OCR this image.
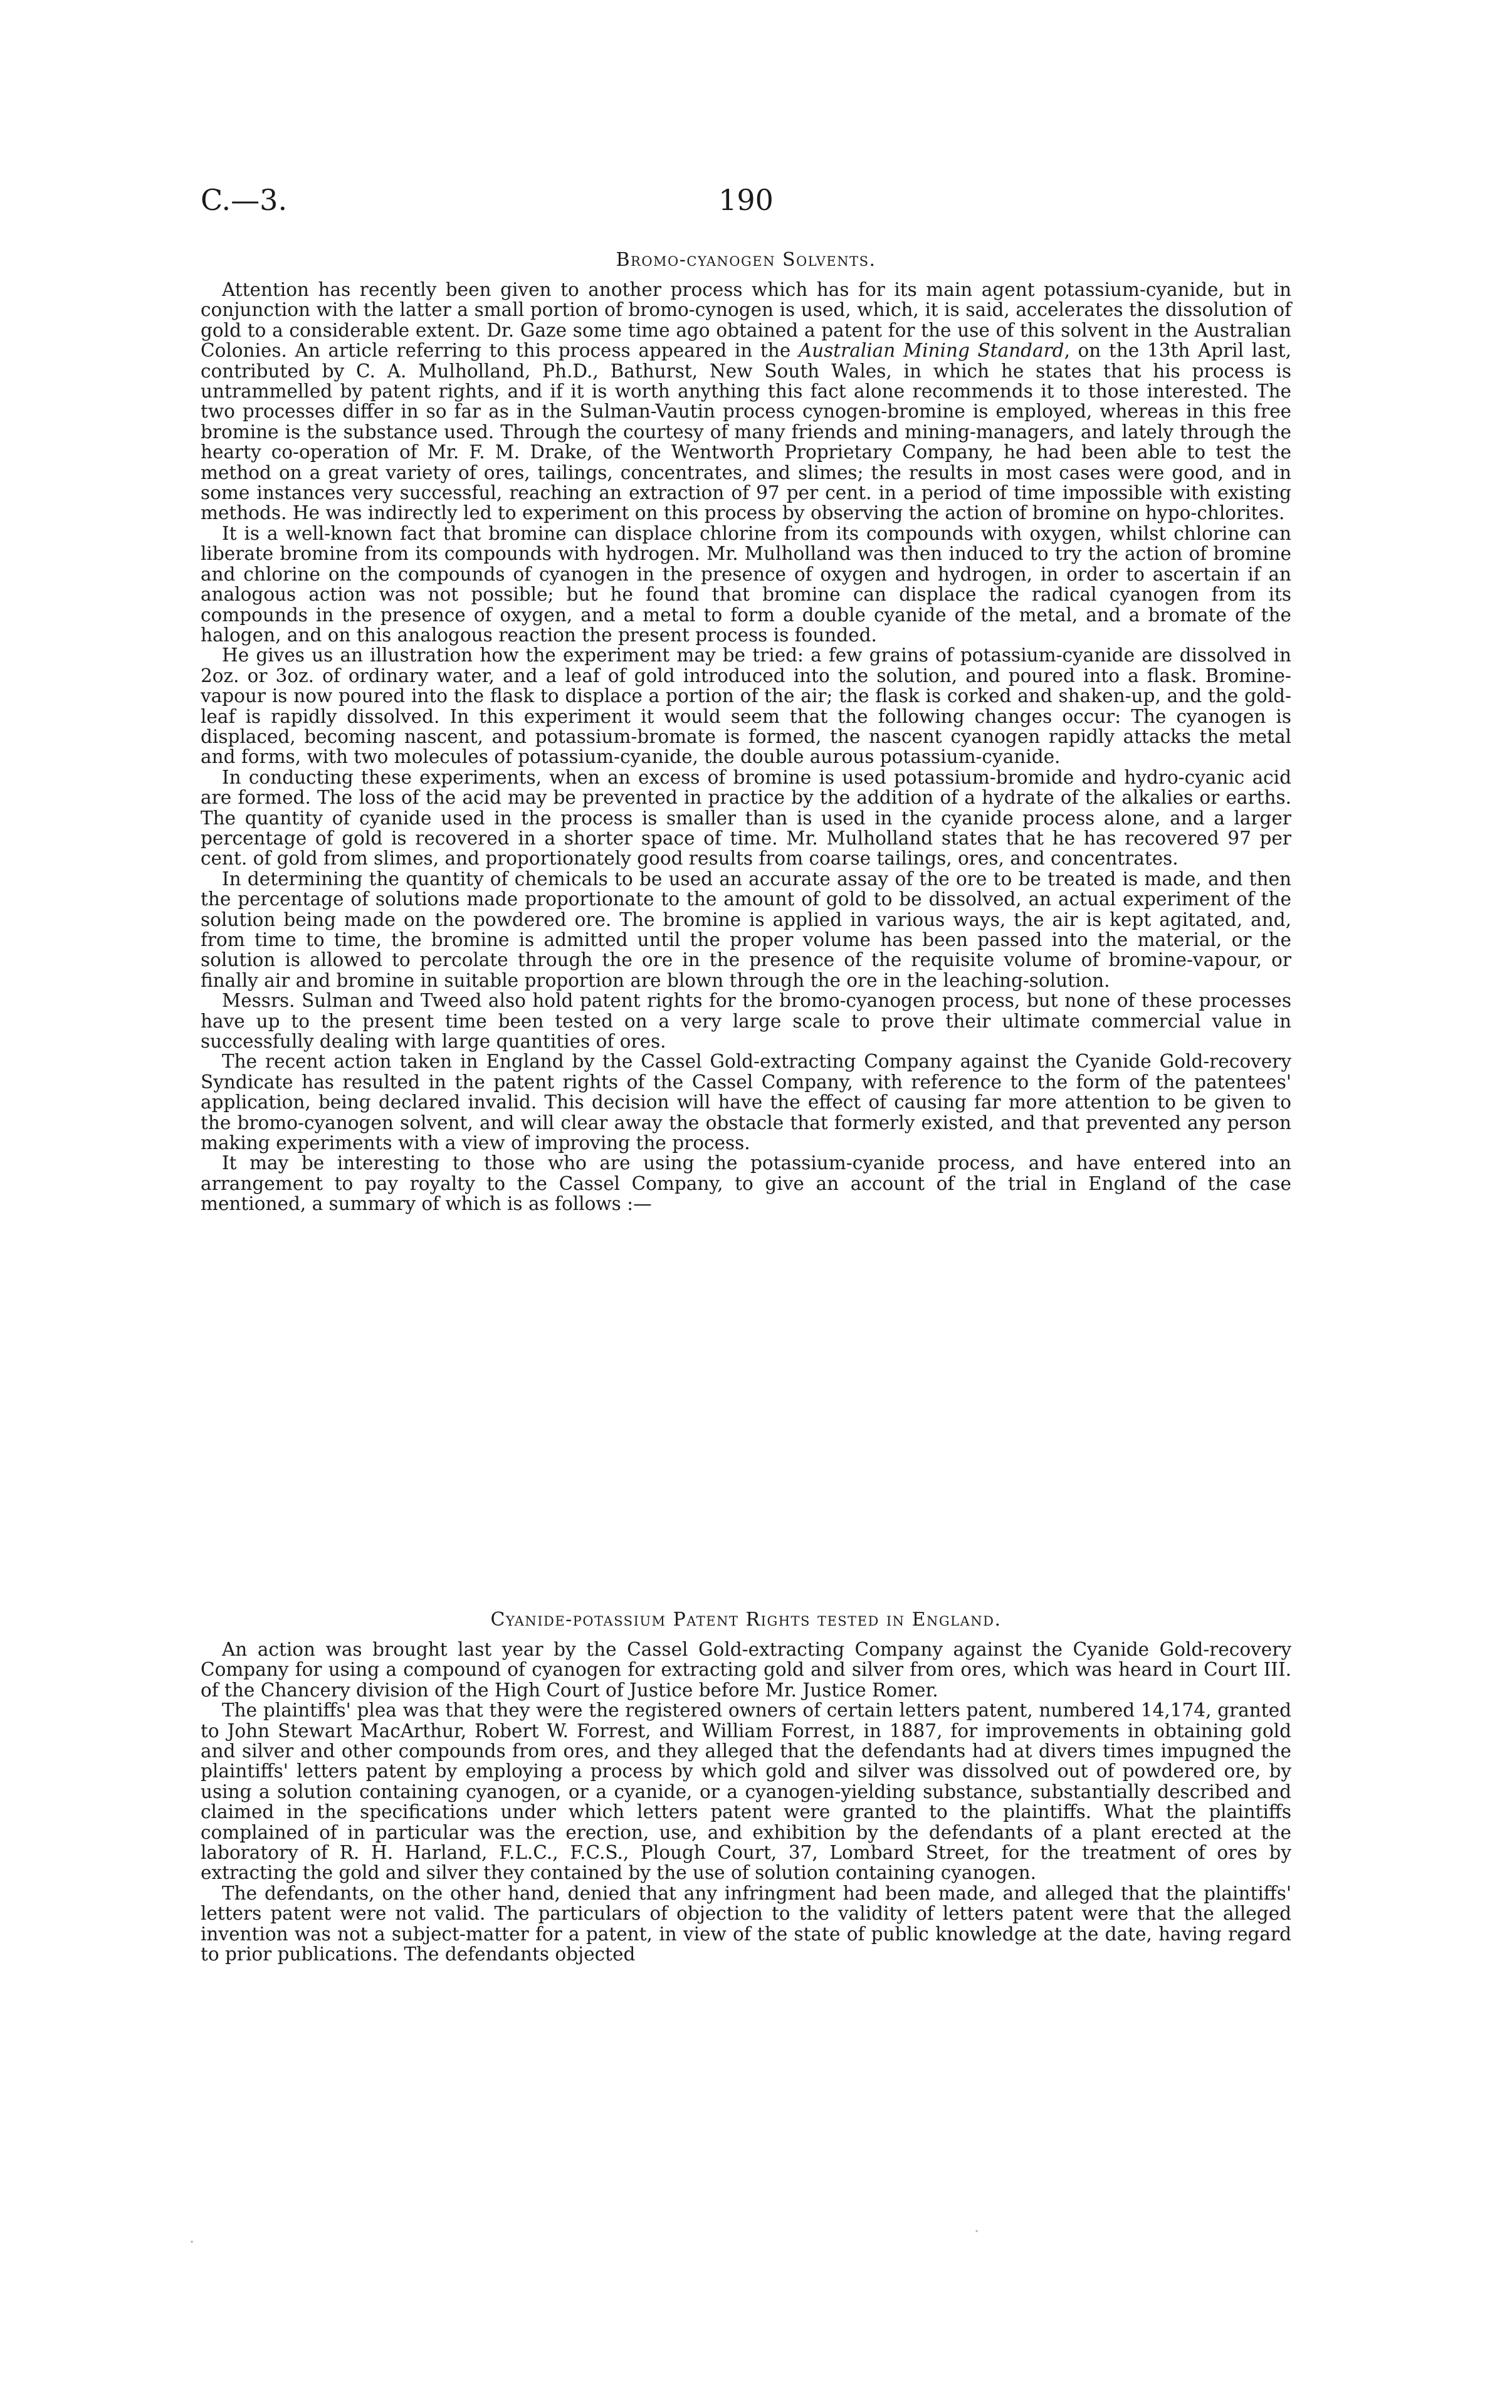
C.—3.	190
Bromo-cyanogen Solvents.

Attention has recently been given to another process which has for its main agent potassium-cyanide, but in conjunction with the latter a small portion of bromo-cynogen is used, which, it is said, accelerates the dissolution of gold to a considerable extent. Dr. Gaze some time ago obtained a patent for the use of this solvent in the Australian Colonies. An article referring to this process appeared in the Australian Mining Standard, on the 13th April last, contributed by C. A. Mulholland, Ph.D., Bathurst, New South Wales, in which he states that his process is untrammelled by patent rights, and if it is worth anything this fact alone recommends it to those interested. The two processes differ in so far as in the Sulman-Vautin process cynogen-bromine is employed, whereas in this free bromine is the substance used. Through the courtesy of many friends and mining-managers, and lately through the hearty co-operation of Mr. F. M. Drake, of the Wentworth Proprietary Company, he had been able to test the method on a great variety of ores, tailings, concentrates, and slimes; the results in most cases were good, and in some instances very successful, reaching an extraction of 97 per cent. in a period of time impossible with existing methods. He was indirectly led to experiment on this process by observing the action of bromine on hypo-chlorites.

It is a well-known fact that bromine can displace chlorine from its compounds with oxygen, whilst chlorine can liberate bromine from its compounds with hydrogen. Mr. Mulholland was then induced to try the action of bromine and chlorine on the compounds of cyanogen in the presence of oxygen and hydrogen, in order to ascertain if an analogous action was not possible; but he found that bromine can displace the radical cyanogen from its compounds in the presence of oxygen, and a metal to form a double cyanide of the metal, and a bromate of the halogen, and on this analogous reaction the present process is founded.

He gives us an illustration how the experiment may be tried: a few grains of potassium-cyanide are dissolved in 2oz. or 3oz. of ordinary water, and a leaf of gold introduced into the solution, and poured into a flask. Bromine-vapour is now poured into the flask to displace a portion of the air; the flask is corked and shaken-up, and the gold-leaf is rapidly dissolved. In this experiment it would seem that the following changes occur: The cyanogen is displaced, becoming nascent, and potassium-bromate is formed, the nascent cyanogen rapidly attacks the metal and forms, with two molecules of potassium-cyanide, the double aurous potassium-cyanide.

In conducting these experiments, when an excess of bromine is used potassium-bromide and hydro-cyanic acid are formed. The loss of the acid may be prevented in practice by the addition of a hydrate of the alkalies or earths. The quantity of cyanide used in the process is smaller than is used in the cyanide process alone, and a larger percentage of gold is recovered in a shorter space of time. Mr. Mulholland states that he has recovered 97 per cent. of gold from slimes, and proportionately good results from coarse tailings, ores, and concentrates.

In determining the quantity of chemicals to be used an accurate assay of the ore to be treated is made, and then the percentage of solutions made proportionate to the amount of gold to be dissolved, an actual experiment of the solution being made on the powdered ore. The bromine is applied in various ways, the air is kept agitated, and, from time to time, the bromine is admitted until the proper volume has been passed into the material, or the solution is allowed to percolate through the ore in the presence of the requisite volume of bromine-vapour, or finally air and bromine in suitable proportion are blown through the ore in the leaching-solution.

Messrs. Sulman and Tweed also hold patent rights for the bromo-cyanogen process, but none of these processes have up to the present time been tested on a very large scale to prove their ultimate commercial value in successfully dealing with large quantities of ores.

The recent action taken in England by the Cassel Gold-extracting Company against the Cyanide Gold-recovery Syndicate has resulted in the patent rights of the Cassel Company, with reference to the form of the patentees' application, being declared invalid. This decision will have the effect of causing far more attention to be given to the bromo-cyanogen solvent, and will clear away the obstacle that formerly existed, and that prevented any person making experiments with a view of improving the process.

It may be interesting to those who are using the potassium-cyanide process, and have entered into an arrangement to pay royalty to the Cassel Company, to give an account of the trial in England of the case mentioned, a summary of which is as follows :—

Cyanide-potassium Patent Rights tested in England.

An action was brought last year by the Cassel Gold-extracting Company against the Cyanide Gold-recovery Company for using a compound of cyanogen for extracting gold and silver from ores, which was heard in Court III. of the Chancery division of the High Court of Justice before Mr. Justice Romer.

The plaintiffs' plea was that they were the registered owners of certain letters patent, numbered 14,174, granted to John Stewart MacArthur, Robert W. Forrest, and William Forrest, in 1887, for improvements in obtaining gold and silver and other compounds from ores, and they alleged that the defendants had at divers times impugned the plaintiffs' letters patent by employing a process by which gold and silver was dissolved out of powdered ore, by using a solution containing cyanogen, or a cyanide, or a cyanogen-yielding substance, substantially described and claimed in the specifications under which letters patent were granted to the plaintiffs. What the plaintiffs complained of in particular was the erection, use, and exhibition by the defendants of a plant erected at the laboratory of R. H. Harland, F.L.C., F.C.S., Plough Court, 37, Lombard Street, for the treatment of ores by extracting the gold and silver they contained by the use of solution containing cyanogen.

The defendants, on the other hand, denied that any infringment had been made, and alleged that the plaintiffs' letters patent were not valid. The particulars of objection to the validity of letters patent were that the alleged invention was not a subject-matter for a patent, in view of the state of public knowledge at the date, having regard to prior publications. The defendants objected

·
·
